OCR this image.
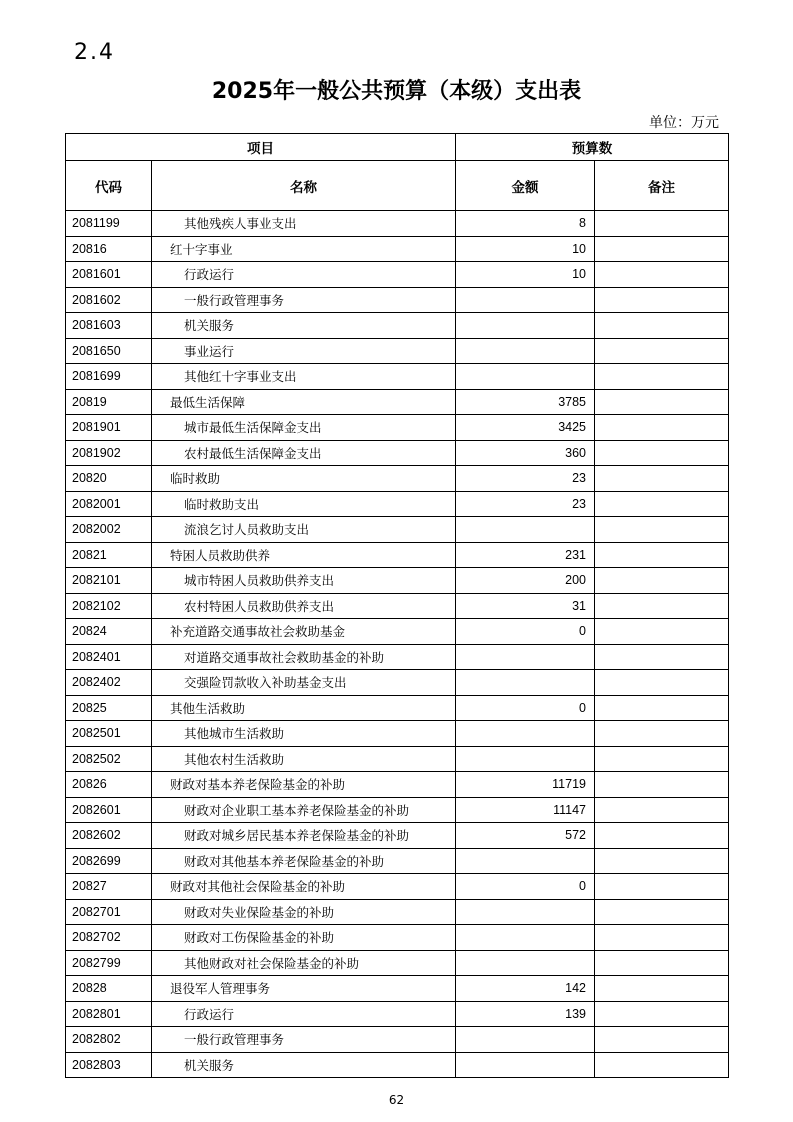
2.4
2025年一般公共预算（本级）支出表
单位：万元
项目		预算数	
代码	名称	金额	备注
2081199	其他残疾人事业支出	8	
20816	红十字事业	10	
2081601	行政运行	10	
2081602	一般行政管理事务		
2081603	机关服务		
2081650	事业运行		
2081699	其他红十字事业支出		
20819	最低生活保障	3785	
2081901	城市最低生活保障金支出	3425	
2081902	农村最低生活保障金支出	360	
20820	临时救助	23	
2082001	临时救助支出	23	
2082002	流浪乞讨人员救助支出		
20821	特困人员救助供养	231	
2082101	城市特困人员救助供养支出	200	
2082102	农村特困人员救助供养支出	31	
20824	补充道路交通事故社会救助基金	0	
2082401	对道路交通事故社会救助基金的补助		
2082402	交强险罚款收入补助基金支出		
20825	其他生活救助	0	
2082501	其他城市生活救助		
2082502	其他农村生活救助		
20826	财政对基本养老保险基金的补助	11719	
2082601	财政对企业职工基本养老保险基金的补助	11147	
2082602	财政对城乡居民基本养老保险基金的补助	572	
2082699	财政对其他基本养老保险基金的补助		
20827	财政对其他社会保险基金的补助	0	
2082701	财政对失业保险基金的补助		
2082702	财政对工伤保险基金的补助		
2082799	其他财政对社会保险基金的补助		
20828	退役军人管理事务	142	
2082801	行政运行	139	
2082802	一般行政管理事务		
2082803	机关服务		
62
